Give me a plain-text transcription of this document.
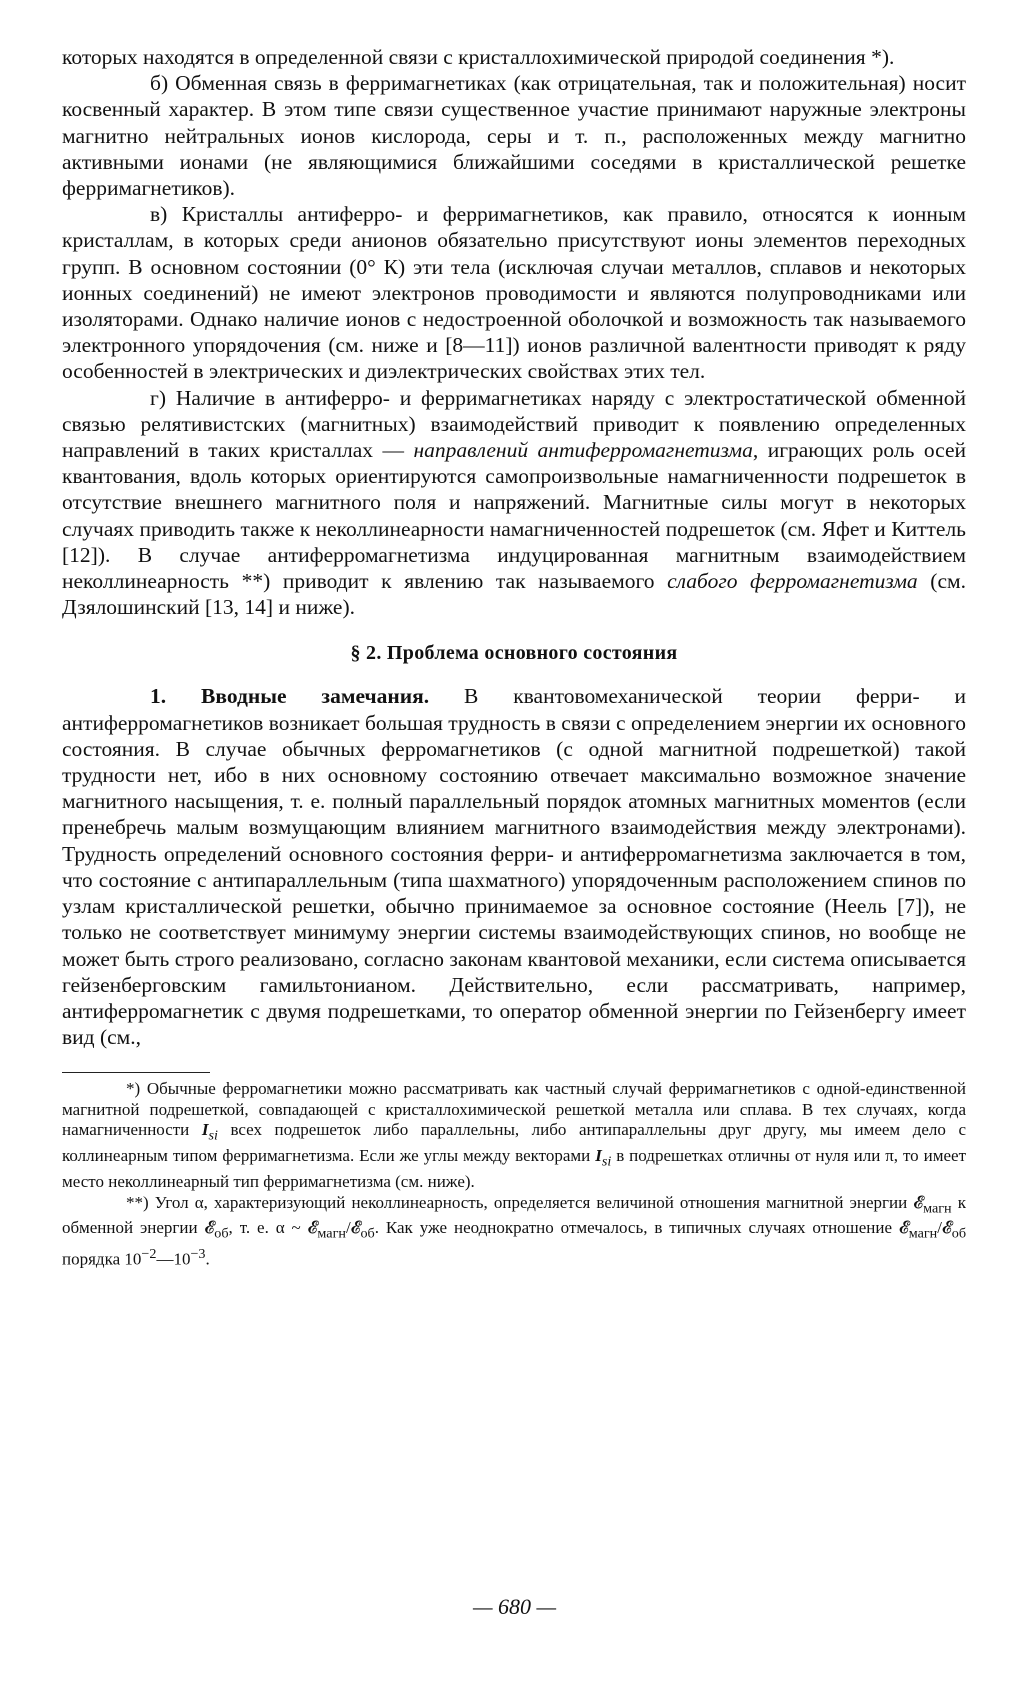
которых находятся в определенной связи с кристаллохимической природой соединения *).

б) Обменная связь в ферримагнетиках (как отрицательная, так и положительная) носит косвенный характер. В этом типе связи существенное участие принимают наружные электроны магнитно нейтральных ионов кислорода, серы и т. п., расположенных между магнитно активными ионами (не являющимися ближайшими соседями в кристаллической решетке ферримагнетиков).

в) Кристаллы антиферро- и ферримагнетиков, как правило, относятся к ионным кристаллам, в которых среди анионов обязательно присутствуют ионы элементов переходных групп. В основном состоянии (0° К) эти тела (исключая случаи металлов, сплавов и некоторых ионных соединений) не имеют электронов проводимости и являются полупроводниками или изоляторами. Однако наличие ионов с недостроенной оболочкой и возможность так называемого электронного упорядочения (см. ниже и [8—11]) ионов различной валентности приводят к ряду особенностей в электрических и диэлектрических свойствах этих тел.

г) Наличие в антиферро- и ферримагнетиках наряду с электростатической обменной связью релятивистских (магнитных) взаимодействий приводит к появлению определенных направлений в таких кристаллах — направлений антиферромагнетизма, играющих роль осей квантования, вдоль которых ориентируются самопроизвольные намагниченности подрешеток в отсутствие внешнего магнитного поля и напряжений. Магнитные силы могут в некоторых случаях приводить также к неколлинеарности намагниченностей подрешеток (см. Яфет и Киттель [12]). В случае антиферромагнетизма индуцированная магнитным взаимодействием неколлинеарность **) приводит к явлению так называемого слабого ферромагнетизма (см. Дзялошинский [13, 14] и ниже).

§ 2. Проблема основного состояния

1. Вводные замечания. В квантовомеханической теории ферри- и антиферромагнетиков возникает большая трудность в связи с определением энергии их основного состояния. В случае обычных ферромагнетиков (с одной магнитной подрешеткой) такой трудности нет, ибо в них основному состоянию отвечает максимально возможное значение магнитного насыщения, т. е. полный параллельный порядок атомных магнитных моментов (если пренебречь малым возмущающим влиянием магнитного взаимодействия между электронами). Трудность определений основного состояния ферри- и антиферромагнетизма заключается в том, что состояние с антипараллельным (типа шахматного) упорядоченным расположением спинов по узлам кристаллической решетки, обычно принимаемое за основное состояние (Неель [7]), не только не соответствует минимуму энергии системы взаимодействующих спинов, но вообще не может быть строго реализовано, согласно законам квантовой механики, если система описывается гейзенберговским гамильтонианом. Действительно, если рассматривать, например, антиферромагнетик с двумя подрешетками, то оператор обменной энергии по Гейзенбергу имеет вид (см.,

*) Обычные ферромагнетики можно рассматривать как частный случай ферримагнетиков с одной-единственной магнитной подрешеткой, совпадающей с кристаллохимической решеткой металла или сплава. В тех случаях, когда намагниченности $I_{si}$ всех подрешеток либо параллельны, либо антипараллельны друг другу, мы имеем дело с коллинеарным типом ферримагнетизма. Если же углы между векторами $I_{si}$ в подрешетках отличны от нуля или π, то имеет место неколлинеарный тип ферримагнетизма (см. ниже).

**) Угол α, характеризующий неколлинеарность, определяется величиной отношения магнитной энергии 𝓔$_{магн}$ к обменной энергии 𝓔$_{об}$, т. е. α ~ 𝓔$_{магн}$/𝓔$_{об}$. Как уже неоднократно отмечалось, в типичных случаях отношение 𝓔$_{магн}$/𝓔$_{об}$ порядка $10^{-2}—10^{-3}$.

— 680 —
